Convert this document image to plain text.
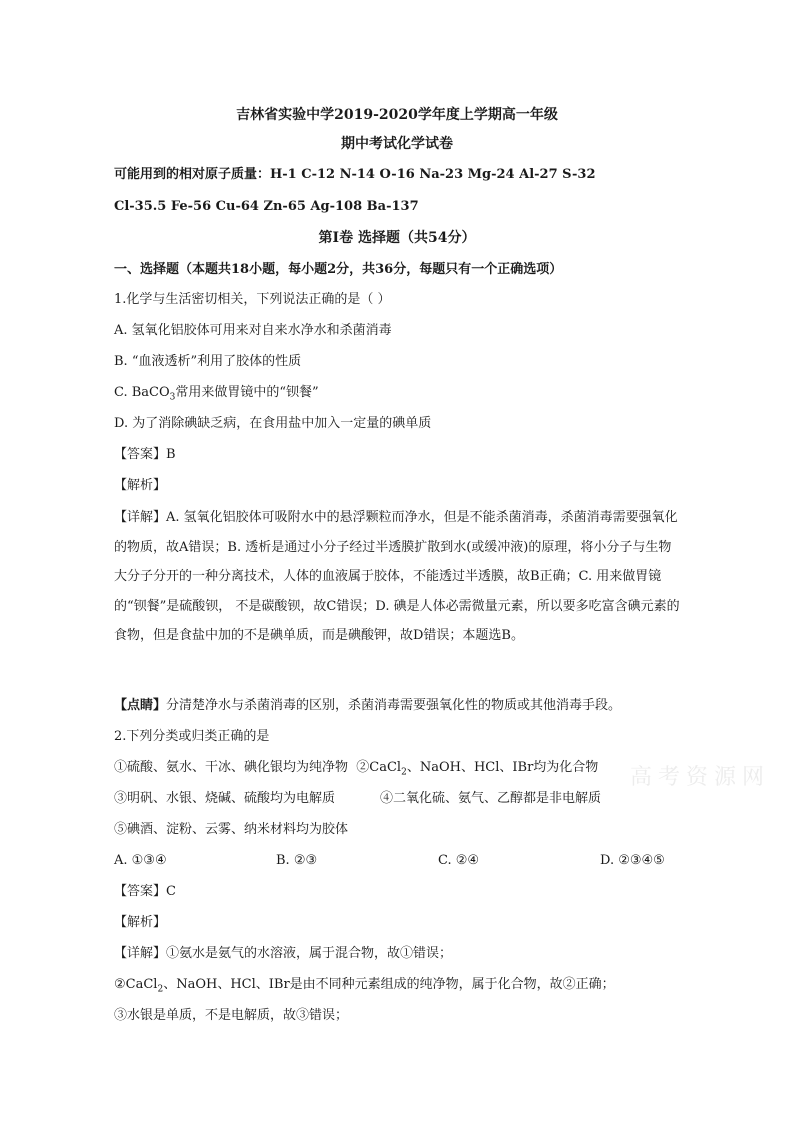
吉林省实验中学2019-2020学年度上学期高一年级
期中考试化学试卷
可能用到的相对原子质量：H-1 C-12 N-14 O-16 Na-23 Mg-24 Al-27 S-32
Cl-35.5 Fe-56 Cu-64 Zn-65 Ag-108 Ba-137
第Ⅰ卷 选择题（共54分）
一、选择题（本题共18小题，每小题2分，共36分，每题只有一个正确选项）
1.化学与生活密切相关，下列说法正确的是（ ）
A. 氢氧化铝胶体可用来对自来水净水和杀菌消毒
B. “血液透析”利用了胶体的性质
C. BaCO$_3$常用来做胃镜中的“钡餐”
D. 为了消除碘缺乏病，在食用盐中加入一定量的碘单质
【答案】B
【解析】
【详解】A. 氢氧化铝胶体可吸附水中的悬浮颗粒而净水，但是不能杀菌消毒，杀菌消毒需要强氧化的物质，故A错误；B. 透析是通过小分子经过半透膜扩散到水(或缓冲液)的原理，将小分子与生物大分子分开的一种分离技术，人体的血液属于胶体，不能透过半透膜，故B正确；C. 用来做胃镜的“钡餐”是硫酸钡， 不是碳酸钡，故C错误；D. 碘是人体必需微量元素，所以要多吃富含碘元素的食物，但是食盐中加的不是碘单质，而是碘酸钾，故D错误；本题选B。
【点睛】分清楚净水与杀菌消毒的区别，杀菌消毒需要强氧化性的物质或其他消毒手段。
2.下列分类或归类正确的是
①硫酸、氨水、干冰、碘化银均为纯净物 ②CaCl$_2$、NaOH、HCl、IBr均为化合物
③明矾、水银、烧碱、硫酸均为电解质	④二氧化硫、氨气、乙醇都是非电解质
⑤碘酒、淀粉、云雾、纳米材料均为胶体
A. ①③④	B. ②③	C. ②④	D. ②③④⑤
【答案】C
【解析】
【详解】①氨水是氨气的水溶液，属于混合物，故①错误；
②CaCl$_2$、NaOH、HCl、IBr是由不同种元素组成的纯净物，属于化合物，故②正确；
③水银是单质，不是电解质，故③错误；
高考资源网
